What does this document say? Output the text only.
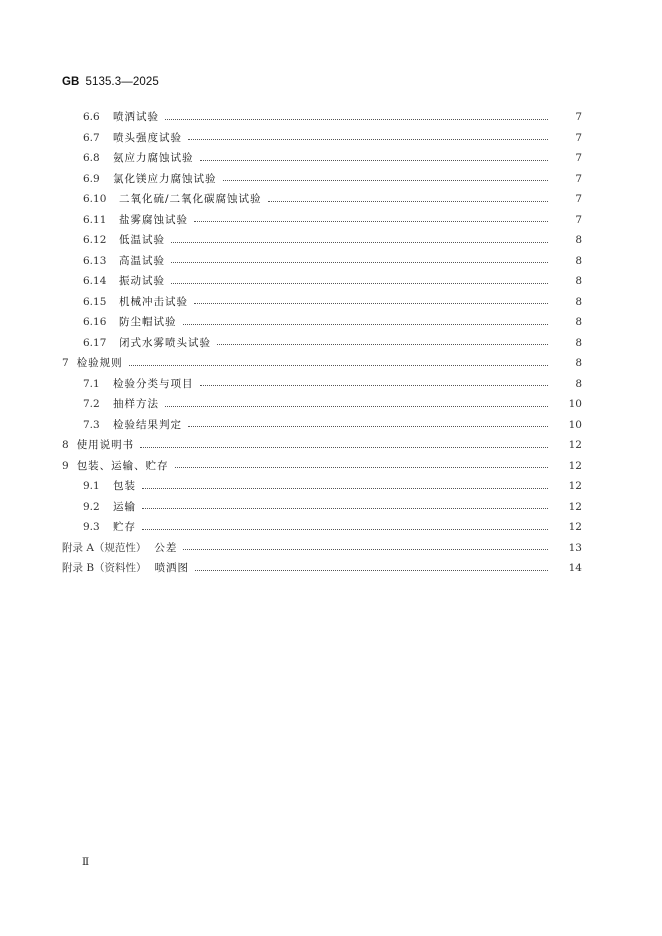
GB 5135.3—2025
6.6	喷洒试验	7
6.7	喷头强度试验	7
6.8	氨应力腐蚀试验	7
6.9	氯化镁应力腐蚀试验	7
6.10	二氧化硫/二氧化碳腐蚀试验	7
6.11	盐雾腐蚀试验	7
6.12	低温试验	8
6.13	高温试验	8
6.14	振动试验	8
6.15	机械冲击试验	8
6.16	防尘帽试验	8
6.17	闭式水雾喷头试验	8
7 检验规则	8
7.1	检验分类与项目	8
7.2	抽样方法	10
7.3	检验结果判定	10
8 使用说明书	12
9 包装、运输、贮存	12
9.1	包装	12
9.2	运输	12
9.3	贮存	12
附录 A（规范性） 公差	13
附录 B（资料性） 喷洒图	14
Ⅱ
